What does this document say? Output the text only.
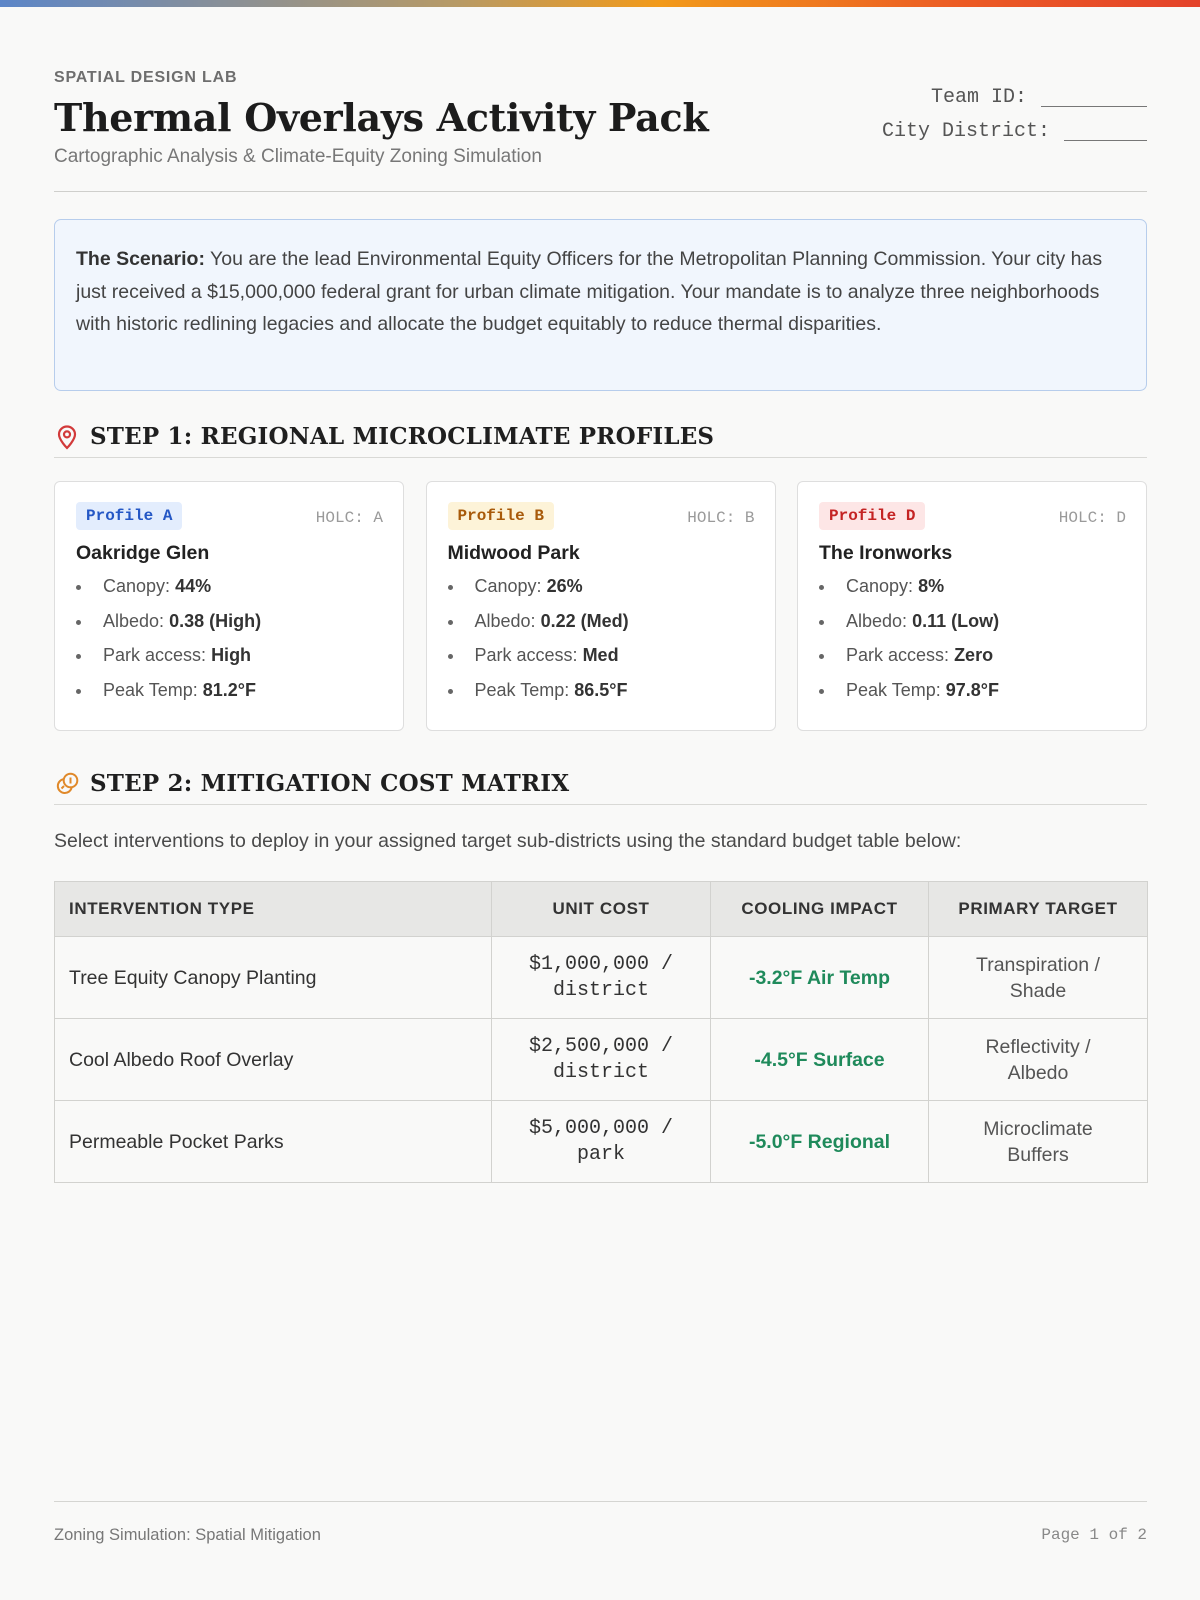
SPATIAL DESIGN LAB
Thermal Overlays Activity Pack
Cartographic Analysis & Climate-Equity Zoning Simulation
Team ID:
City District:
The Scenario: You are the lead Environmental Equity Officers for the Metropolitan Planning Commission. Your city has just received a $15,000,000 federal grant for urban climate mitigation. Your mandate is to analyze three neighborhoods with historic redlining legacies and allocate the budget equitably to reduce thermal disparities.
STEP 1: REGIONAL MICROCLIMATE PROFILES
Profile A	HOLC: A
Oakridge Glen
Canopy: 44%
Albedo: 0.38 (High)
Park access: High
Peak Temp: 81.2°F
Profile B	HOLC: B
Midwood Park
Canopy: 26%
Albedo: 0.22 (Med)
Park access: Med
Peak Temp: 86.5°F
Profile D	HOLC: D
The Ironworks
Canopy: 8%
Albedo: 0.11 (Low)
Park access: Zero
Peak Temp: 97.8°F
STEP 2: MITIGATION COST MATRIX
Select interventions to deploy in your assigned target sub-districts using the standard budget table below:
INTERVENTION TYPE	UNIT COST	COOLING IMPACT	PRIMARY TARGET
Tree Equity Canopy Planting	$1,000,000 / district	-3.2°F Air Temp	Transpiration / Shade
Cool Albedo Roof Overlay	$2,500,000 / district	-4.5°F Surface	Reflectivity / Albedo
Permeable Pocket Parks	$5,000,000 / park	-5.0°F Regional	Microclimate Buffers
Zoning Simulation: Spatial Mitigation	Page 1 of 2
